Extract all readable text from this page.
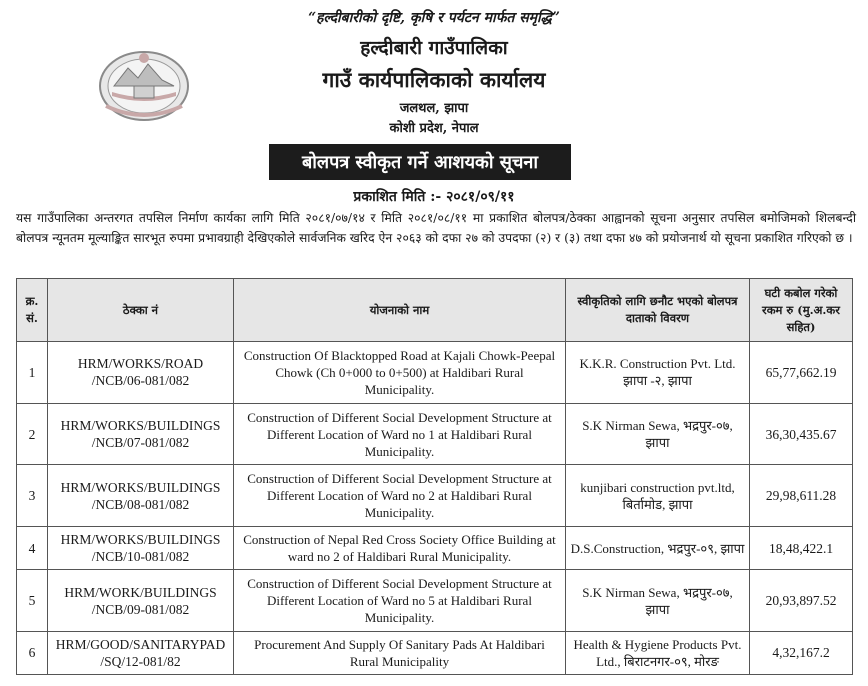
“हल्दीबारीको दृष्टि, कृषि र पर्यटन मार्फत समृद्धि”
हल्दीबारी गाउँपालिका
गाउँ कार्यपालिकाको कार्यालय
जलथल, झापा
कोशी प्रदेश, नेपाल
बोलपत्र स्वीकृत गर्ने आशयको सूचना
प्रकाशित मिति :- २०८१/०९/११
यस गाउँपालिका अन्तरगत तपसिल निर्माण कार्यका लागि मिति २०८१/०७/१४ र मिति २०८१/०८/११ मा प्रकाशित बोलपत्र/ठेक्का आह्वानको सूचना अनुसार तपसिल बमोजिमको शिलबन्दी बोलपत्र न्यूनतम मूल्याङ्कित सारभूत रुपमा प्रभावग्राही देखिएकोले सार्वजनिक खरिद ऐन २०६३ को दफा २७ को उपदफा (२) र (३) तथा दफा ४७ को प्रयोजनार्थ यो सूचना प्रकाशित गरिएको छ ।
क्र. सं.	ठेक्का नं	योजनाको नाम	स्वीकृतिको लागि छनौट भएको बोलपत्र दाताको विवरण	घटी कबोल गरेको रकम रु (मु.अ.कर सहित)
1	HRM/WORKS/ROAD /NCB/06-081/082	Construction Of Blacktopped Road at Kajali Chowk-Peepal Chowk (Ch 0+000 to 0+500) at Haldibari Rural Municipality.	K.K.R. Construction Pvt. Ltd. झापा -२, झापा	65,77,662.19
2	HRM/WORKS/BUILDINGS /NCB/07-081/082	Construction of Different Social Development Structure at Different Location of Ward no 1 at Haldibari Rural Municipality.	S.K Nirman Sewa, भद्रपुर-०७, झापा	36,30,435.67
3	HRM/WORKS/BUILDINGS /NCB/08-081/082	Construction of Different Social Development Structure at Different Location of Ward no 2 at Haldibari Rural Municipality.	kunjibari construction pvt.ltd, बिर्तामोड, झापा	29,98,611.28
4	HRM/WORKS/BUILDINGS /NCB/10-081/082	Construction of Nepal Red Cross Society Office Building at ward no 2 of Haldibari Rural Municipality.	D.S.Construction, भद्रपुर-०९, झापा	18,48,422.1
5	HRM/WORK/BUILDINGS /NCB/09-081/082	Construction of Different Social Development Structure at Different Location of Ward no 5 at Haldibari Rural Municipality.	S.K Nirman Sewa, भद्रपुर-०७, झापा	20,93,897.52
6	HRM/GOOD/SANITARYPAD /SQ/12-081/82	Procurement And Supply Of Sanitary Pads At Haldibari Rural Municipality	Health & Hygiene Products Pvt. Ltd., बिराटनगर-०९, मोरङ	4,32,167.2
